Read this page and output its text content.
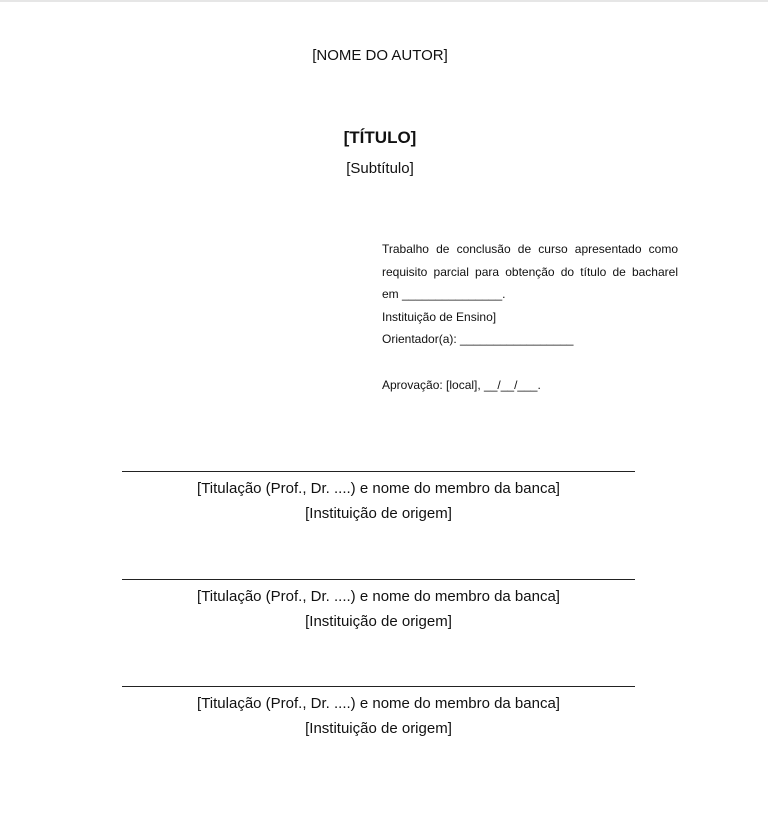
[NOME DO AUTOR]
[TÍTULO]
[Subtítulo]
Trabalho de conclusão de curso apresentado como
requisito parcial para obtenção do título de bacharel
em _______________.
Instituição de Ensino]
Orientador(a): _________________
Aprovação: [local], __/__/___.
[Titulação (Prof., Dr. ....) e nome do membro da banca]
[Instituição de origem]
[Titulação (Prof., Dr. ....) e nome do membro da banca]
[Instituição de origem]
[Titulação (Prof., Dr. ....) e nome do membro da banca]
[Instituição de origem]
